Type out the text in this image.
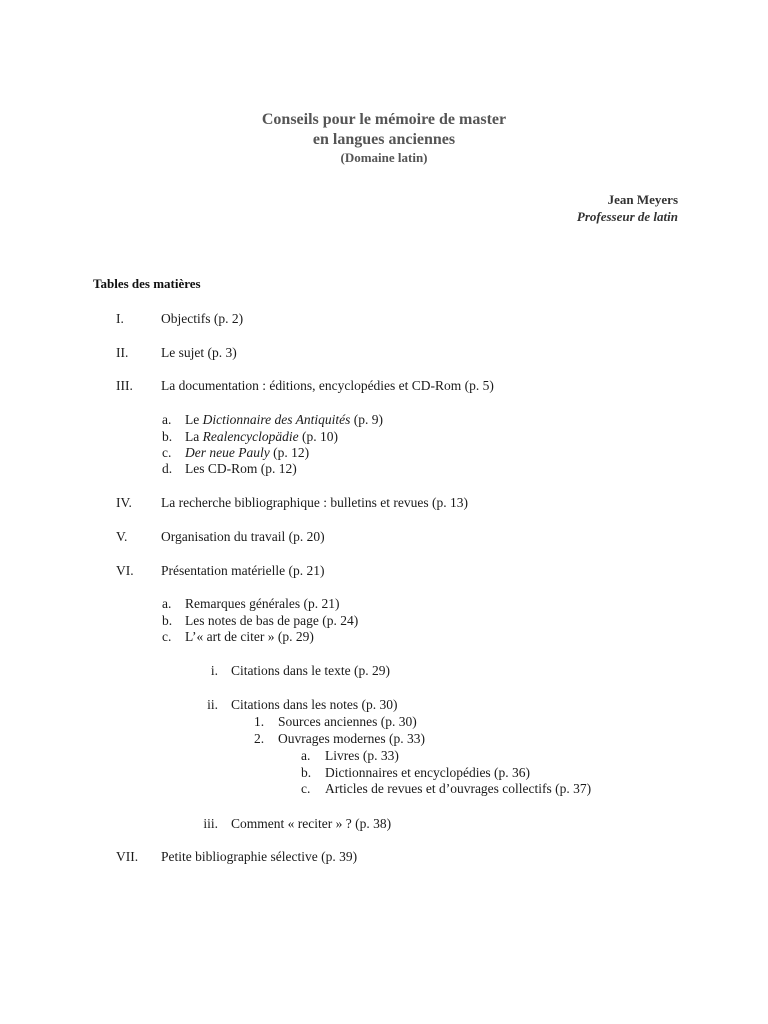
Conseils pour le mémoire de master
en langues anciennes
(Domaine latin)
Jean Meyers
Professeur de latin
Tables des matières
I.	Objectifs (p. 2)
II. Le sujet (p. 3)
III. La documentation : éditions, encyclopédies et CD-Rom (p. 5)
a. Le Dictionnaire des Antiquités (p. 9)
b. La Realencyclopädie (p. 10)
c. Der neue Pauly (p. 12)
d. Les CD-Rom (p. 12)
IV. La recherche bibliographique : bulletins et revues (p. 13)
V. Organisation du travail (p. 20)
VI. Présentation matérielle (p. 21)
a. Remarques générales (p. 21)
b. Les notes de bas de page (p. 24)
c. L’« art de citer » (p. 29)
i. Citations dans le texte (p. 29)
ii. Citations dans les notes (p. 30)
1. Sources anciennes (p. 30)
2. Ouvrages modernes (p. 33)
a. Livres (p. 33)
b. Dictionnaires et encyclopédies (p. 36)
c. Articles de revues et d’ouvrages collectifs (p. 37)
iii. Comment « reciter » ? (p. 38)
VII. Petite bibliographie sélective (p. 39)
